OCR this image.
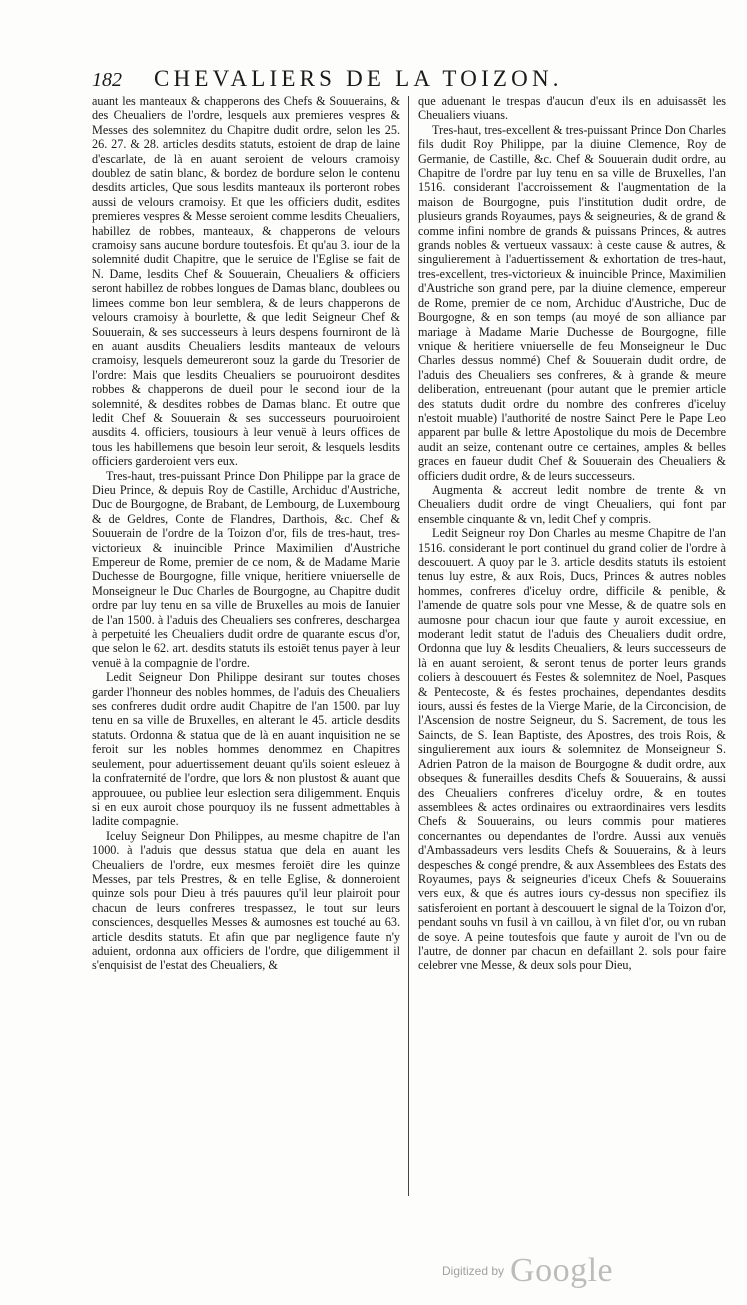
182 CHEVALIERS DE LA TOIZON.

auant les manteaux & chapperons des Chefs & Souuerains, & des Cheualiers de l'ordre, lesquels aux premieres vespres & Messes des solemnitez du Chapitre dudit ordre, selon les 25. 26. 27. & 28. articles desdits statuts, estoient de drap de laine d'escarlate, de là en auant seroient de velours cramoisy doublez de satin blanc, & bordez de bordure selon le contenu desdits articles, Que sous lesdits manteaux ils porteront robes aussi de velours cramoisy. Et que les officiers dudit, esdites premieres vespres & Messe seroient comme lesdits Cheualiers, habillez de robbes, manteaux, & chapperons de velours cramoisy sans aucune bordure toutesfois. Et qu'au 3. iour de la solemnité dudit Chapitre, que le seruice de l'Eglise se fait de N. Dame, lesdits Chef & Souuerain, Cheualiers & officiers seront habillez de robbes longues de Damas blanc, doublees ou limees comme bon leur semblera, & de leurs chapperons de velours cramoisy à bourlette, & que ledit Seigneur Chef & Souuerain, & ses successeurs à leurs despens fourniront de là en auant ausdits Cheualiers lesdits manteaux de velours cramoisy, lesquels demeureront souz la garde du Tresorier de l'ordre: Mais que lesdits Cheualiers se pouruoiront desdites robbes & chapperons de dueil pour le second iour de la solemnité, & desdites robbes de Damas blanc. Et outre que ledit Chef & Souuerain & ses successeurs pouruoiroient ausdits 4. officiers, tousiours à leur venuë à leurs offices de tous les habillemens que besoin leur seroit, & lesquels lesdits officiers garderoient vers eux.

Tres-haut, tres-puissant Prince Don Philippe par la grace de Dieu Prince, & depuis Roy de Castille, Archiduc d'Austriche, Duc de Bourgogne, de Brabant, de Lembourg, de Luxembourg & de Geldres, Conte de Flandres, Darthois, &c. Chef & Souuerain de l'ordre de la Toizon d'or, fils de tres-haut, tres-victorieux & inuincible Prince Maximilien d'Austriche Empereur de Rome, premier de ce nom, & de Madame Marie Duchesse de Bourgogne, fille vnique, heritiere vniuerselle de Monseigneur le Duc Charles de Bourgogne, au Chapitre dudit ordre par luy tenu en sa ville de Bruxelles au mois de Ianuier de l'an 1500. à l'aduis des Cheualiers ses confreres, deschargea à perpetuité les Cheualiers dudit ordre de quarante escus d'or, que selon le 62. art. desdits statuts ils estoiēt tenus payer à leur venuë à la compagnie de l'ordre.

Ledit Seigneur Don Philippe desirant sur toutes choses garder l'honneur des nobles hommes, de l'aduis des Cheualiers ses confreres dudit ordre audit Chapitre de l'an 1500. par luy tenu en sa ville de Bruxelles, en alterant le 45. article desdits statuts. Ordonna & statua que de là en auant inquisition ne se feroit sur les nobles hommes denommez en Chapitres seulement, pour aduertissement deuant qu'ils soient esleuez à la confraternité de l'ordre, que lors & non plustost & auant que approuuee, ou publiee leur eslection sera diligemment. Enquis si en eux auroit chose pourquoy ils ne fussent admettables à ladite compagnie.

Iceluy Seigneur Don Philippes, au mesme chapitre de l'an 1000. à l'aduis que dessus statua que dela en auant les Cheualiers de l'ordre, eux mesmes feroiēt dire les quinze Messes, par tels Prestres, & en telle Eglise, & donneroient quinze sols pour Dieu à trés pauures qu'il leur plairoit pour chacun de leurs confreres trespassez, le tout sur leurs consciences, desquelles Messes & aumosnes est touché au 63. article desdits statuts. Et afin que par negligence faute n'y aduient, ordonna aux officiers de l'ordre, que diligemment il s'enquisist de l'estat des Cheualiers, &

que aduenant le trespas d'aucun d'eux ils en aduisassēt les Cheualiers viuans.

Tres-haut, tres-excellent & tres-puissant Prince Don Charles fils dudit Roy Philippe, par la diuine Clemence, Roy de Germanie, de Castille, &c. Chef & Souuerain dudit ordre, au Chapitre de l'ordre par luy tenu en sa ville de Bruxelles, l'an 1516. considerant l'accroissement & l'augmentation de la maison de Bourgogne, puis l'institution dudit ordre, de plusieurs grands Royaumes, pays & seigneuries, & de grand & comme infini nombre de grands & puissans Princes, & autres grands nobles & vertueux vassaux: à ceste cause & autres, & singulierement à l'aduertissement & exhortation de tres-haut, tres-excellent, tres-victorieux & inuincible Prince, Maximilien d'Austriche son grand pere, par la diuine clemence, empereur de Rome, premier de ce nom, Archiduc d'Austriche, Duc de Bourgogne, & en son temps (au moyé de son alliance par mariage à Madame Marie Duchesse de Bourgogne, fille vnique & heritiere vniuerselle de feu Monseigneur le Duc Charles dessus nommé) Chef & Souuerain dudit ordre, de l'aduis des Cheualiers ses confreres, & à grande & meure deliberation, entreuenant (pour autant que le premier article des statuts dudit ordre du nombre des confreres d'iceluy n'estoit muable) l'authorité de nostre Sainct Pere le Pape Leo apparent par bulle & lettre Apostolique du mois de Decembre audit an seize, contenant outre ce certaines, amples & belles graces en faueur dudit Chef & Souuerain des Cheualiers & officiers dudit ordre, & de leurs successeurs.

Augmenta & accreut ledit nombre de trente & vn Cheualiers dudit ordre de vingt Cheualiers, qui font par ensemble cinquante & vn, ledit Chef y compris.

Ledit Seigneur roy Don Charles au mesme Chapitre de l'an 1516. considerant le port continuel du grand colier de l'ordre à descouuert. A quoy par le 3. article desdits statuts ils estoient tenus luy estre, & aux Rois, Ducs, Princes & autres nobles hommes, confreres d'iceluy ordre, difficile & penible, & l'amende de quatre sols pour vne Messe, & de quatre sols en aumosne pour chacun iour que faute y auroit excessiue, en moderant ledit statut de l'aduis des Cheualiers dudit ordre, Ordonna que luy & lesdits Cheualiers, & leurs successeurs de là en auant seroient, & seront tenus de porter leurs grands coliers à descouuert és Festes & solemnitez de Noel, Pasques & Pentecoste, & és festes prochaines, dependantes desdits iours, aussi és festes de la Vierge Marie, de la Circoncision, de l'Ascension de nostre Seigneur, du S. Sacrement, de tous les Saincts, de S. Iean Baptiste, des Apostres, des trois Rois, & singulierement aux iours & solemnitez de Monseigneur S. Adrien Patron de la maison de Bourgogne & dudit ordre, aux obseques & funerailles desdits Chefs & Souuerains, & aussi des Cheualiers confreres d'iceluy ordre, & en toutes assemblees & actes ordinaires ou extraordinaires vers lesdits Chefs & Souuerains, ou leurs commis pour matieres concernantes ou dependantes de l'ordre. Aussi aux venuës d'Ambassadeurs vers lesdits Chefs & Souuerains, & à leurs despesches & congé prendre, & aux Assemblees des Estats des Royaumes, pays & seigneuries d'iceux Chefs & Souuerains vers eux, & que és autres iours cy-dessus non specifiez ils satisferoient en portant à descouuert le signal de la Toizon d'or, pendant souhs vn fusil à vn caillou, à vn filet d'or, ou vn ruban de soye. A peine toutesfois que faute y auroit de l'vn ou de l'autre, de donner par chacun en defaillant 2. sols pour faire celebrer vne Messe, & deux sols pour Dieu,

Digitized by Google
